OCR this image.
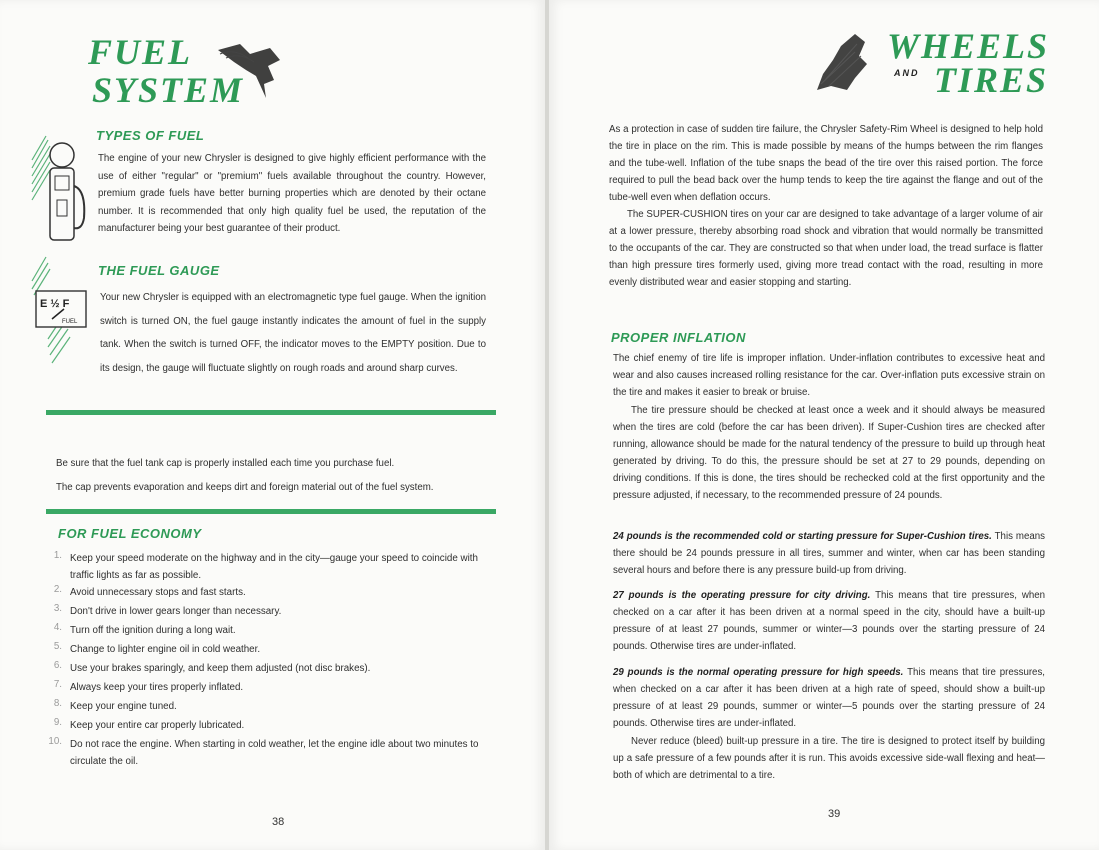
FUEL
SYSTEM
TYPES OF FUEL
The engine of your new Chrysler is designed to give highly efficient performance with the use of either "regular" or "premium" fuels available throughout the country. However, premium grade fuels have better burning properties which are denoted by their octane number. It is recommended that only high quality fuel be used, the reputation of the manufacturer being your best guarantee of their product.
E ½ F
FUEL
THE FUEL GAUGE
Your new Chrysler is equipped with an electromagnetic type fuel gauge. When the ignition switch is turned ON, the fuel gauge instantly indicates the amount of fuel in the supply tank. When the switch is turned OFF, the indicator moves to the EMPTY position. Due to its design, the gauge will fluctuate slightly on rough roads and around sharp curves.
Be sure that the fuel tank cap is properly installed each time you purchase fuel.
The cap prevents evaporation and keeps dirt and foreign material out of the fuel system.
FOR FUEL ECONOMY
1. Keep your speed moderate on the highway and in the city—gauge your speed to coincide with traffic lights as far as possible.
2. Avoid unnecessary stops and fast starts.
3. Don't drive in lower gears longer than necessary.
4. Turn off the ignition during a long wait.
5. Change to lighter engine oil in cold weather.
6. Use your brakes sparingly, and keep them adjusted (not disc brakes).
7. Always keep your tires properly inflated.
8. Keep your engine tuned.
9. Keep your entire car properly lubricated.
10. Do not race the engine. When starting in cold weather, let the engine idle about two minutes to circulate the oil.
38
WHEELS
AND TIRES
As a protection in case of sudden tire failure, the Chrysler Safety-Rim Wheel is designed to help hold the tire in place on the rim. This is made possible by means of the humps between the rim flanges and the tube-well. Inflation of the tube snaps the bead of the tire over this raised portion. The force required to pull the bead back over the hump tends to keep the tire against the flange and out of the tube-well even when deflation occurs.
The SUPER-CUSHION tires on your car are designed to take advantage of a larger volume of air at a lower pressure, thereby absorbing road shock and vibration that would normally be transmitted to the occupants of the car. They are constructed so that when under load, the tread surface is flatter than high pressure tires formerly used, giving more tread contact with the road, resulting in more evenly distributed wear and easier stopping and starting.
PROPER INFLATION
The chief enemy of tire life is improper inflation. Under-inflation contributes to excessive heat and wear and also causes increased rolling resistance for the car. Over-inflation puts excessive strain on the tire and makes it easier to break or bruise.
The tire pressure should be checked at least once a week and it should always be measured when the tires are cold (before the car has been driven). If Super-Cushion tires are checked after running, allowance should be made for the natural tendency of the pressure to build up through heat generated by driving. To do this, the pressure should be set at 27 to 29 pounds, depending on driving conditions. If this is done, the tires should be rechecked cold at the first opportunity and the pressure adjusted, if necessary, to the recommended pressure of 24 pounds.

24 pounds is the recommended cold or starting pressure for Super-Cushion tires. This means there should be 24 pounds pressure in all tires, summer and winter, when car has been standing several hours and before there is any pressure build-up from driving.

27 pounds is the operating pressure for city driving. This means that tire pressures, when checked on a car after it has been driven at a normal speed in the city, should have a built-up pressure of at least 27 pounds, summer or winter—3 pounds over the starting pressure of 24 pounds. Otherwise tires are under-inflated.

29 pounds is the normal operating pressure for high speeds. This means that tire pressures, when checked on a car after it has been driven at a high rate of speed, should show a built-up pressure of at least 29 pounds, summer or winter—5 pounds over the starting pressure of 24 pounds. Otherwise tires are under-inflated.

Never reduce (bleed) built-up pressure in a tire. The tire is designed to protect itself by building up a safe pressure of a few pounds after it is run. This avoids excessive side-wall flexing and heat—both of which are detrimental to a tire.
39
